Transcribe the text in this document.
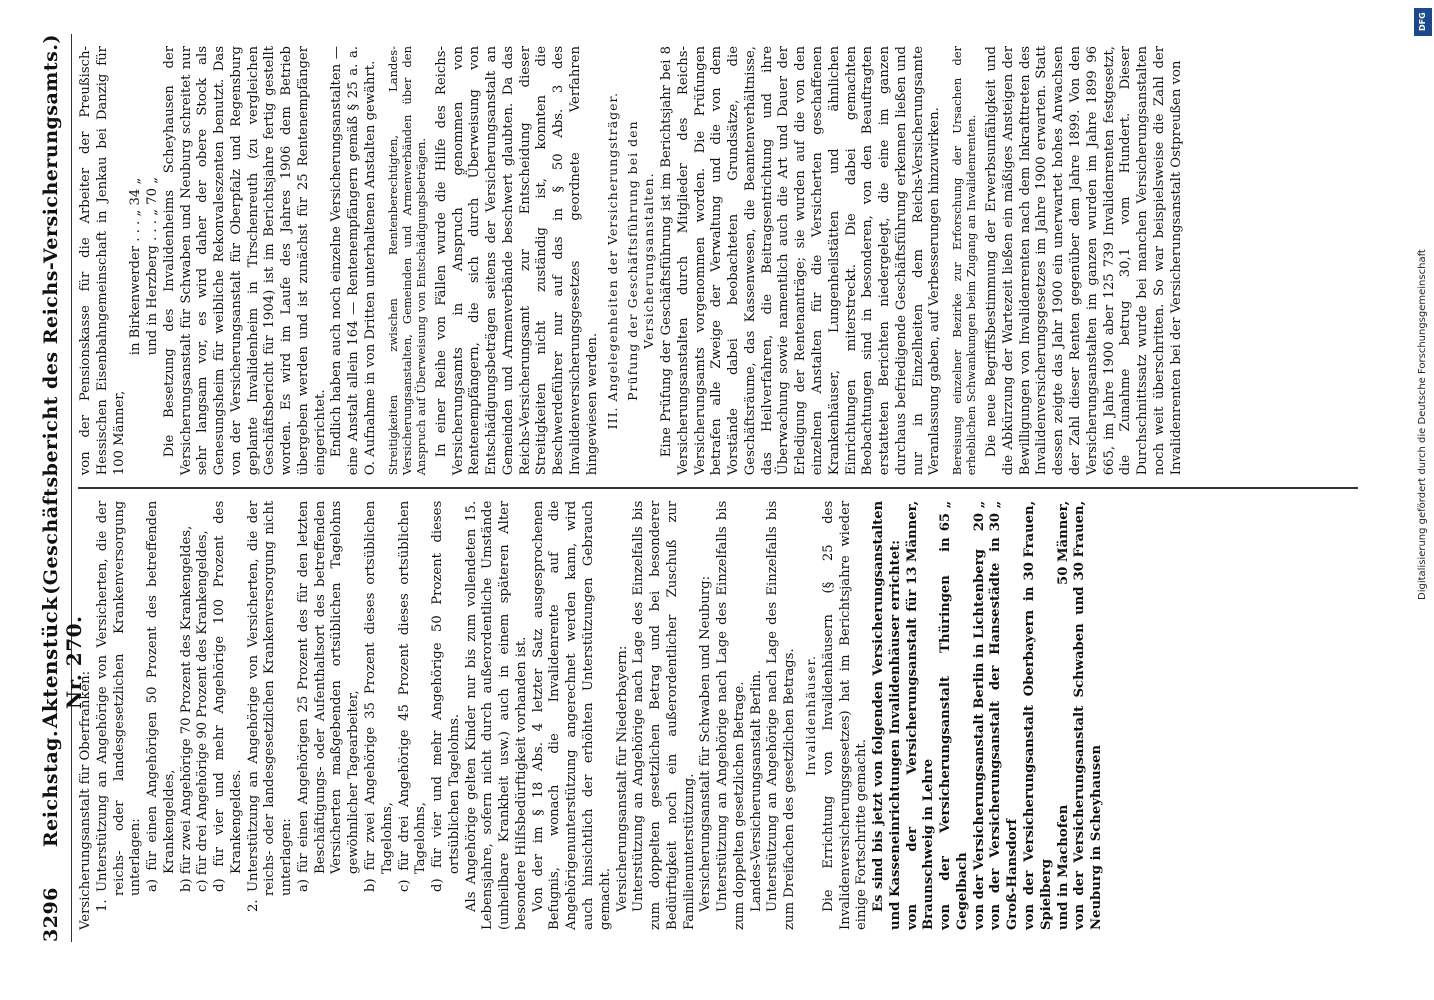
3296
Reichstag.
Aktenstück Nr. 270.
(Geschäftsbericht des Reichs-Versicherungsamts.)

Versicherungsanstalt für Oberfranken: 1. Unterstützung an Angehörige von Versicherten, die der reichs- oder landesgesetzlichen Krankenversorgung unterlagen: a) für einen Angehörigen 50 Prozent des betreffenden Krankengeldes, b) für zwei Angehörige 70 Prozent des Krankengeldes, c) für drei Angehörige 90 Prozent des Krankengeldes, d) für vier und mehr Angehörige 100 Prozent des Krankengeldes. 2. Unterstützung an Angehörige von Versicherten, die der reichs- oder landesgesetzlichen Krankenversorgung nicht unterlagen: a) für einen Angehörigen 25 Prozent des für den letzten Beschäftigungs- oder Aufenthaltsort des betreffenden Versicherten maßgebenden ortsüblichen Tagelohns gewöhnlicher Tagearbeiter, b) für zwei Angehörige 35 Prozent dieses ortsüblichen Tagelohns, c) für drei Angehörige 45 Prozent dieses ortsüblichen Tagelohns, d) für vier und mehr Angehörige 50 Prozent dieses ortsüblichen Tagelohns. Als Angehörige gelten Kinder nur bis zum vollendeten 15. Lebensjahre, sofern nicht durch außerordentliche Umstände (unheilbare Krankheit usw.) auch in einem späteren Alter besondere Hilfsbedürftigkeit vorhanden ist. Von der im § 18 Abs. 4 letzter Satz ausgesprochenen Befugnis, wonach die Invalidenrente auf die Angehörigenunterstützung angerechnet werden kann, wird auch hinsichtlich der erhöhten Unterstützungen Gebrauch gemacht. Versicherungsanstalt für Niederbayern: Unterstützung an Angehörige nach Lage des Einzelfalls bis zum doppelten gesetzlichen Betrag und bei besonderer Bedürftigkeit noch ein außerordentlicher Zuschuß zur Familienunterstützung. Versicherungsanstalt für Schwaben und Neuburg: Unterstützung an Angehörige nach Lage des Einzelfalls bis zum doppelten gesetzlichen Betrage. Landes-Versicherungsanstalt Berlin. Unterstützung an Angehörige nach Lage des Einzelfalls bis zum Dreifachen des gesetzlichen Betrags. Invalidenhäuser. Die Errichtung von Invalidenhäusern (§ 25 des Invalidenversicherungsgesetzes) hat im Berichtsjahre wieder einige Fortschritte gemacht. Es sind bis jetzt von folgenden Versicherungsanstalten und Kasseneinrichtungen Invalidenhäuser errichtet: von der Versicherungsanstalt Braunschweig in Lehre
für 13 Männer,	von der Versicherungsanstalt Thüringen in Gegelbach
65 „
von der Versicherungsanstalt Berlin in Lichtenberg
20 „
von der Versicherungsanstalt der Hansestädte in Groß-Hansdorf
30 „
von der Versicherungsanstalt Oberbayern in Spielberg
30 Frauen,
und in Machofen
50 Männer,
von der Versicherungsanstalt Schwaben und Neuburg in Scheyhausen
30 Frauen,

von der Pensionskasse für die Arbeiter der Preußisch-Hessischen Eisenbahngemeinschaft in Jenkau bei Danzig für 100 Männer,

in Birkenwerder . . . „ 34 „ und in Herzberg . . . „ 70 „ Die Besetzung des Invalidenheims Scheyhausen der Versicherungsanstalt für Schwaben und Neuburg schreitet nur sehr langsam vor, es wird daher der obere Stock als Genesungsheim für weibliche Rekonvaleszenten benutzt. Das von der Versicherungsanstalt für Oberpfalz und Regensburg geplante Invalidenheim in Tirschenreuth (zu vergleichen Geschäftsbericht für 1904) ist im Berichtsjahre fertig gestellt worden. Es wird im Laufe des Jahres 1906 dem Betrieb übergeben werden und ist zunächst für 25 Rentenempfänger eingerichtet. Endlich haben auch noch einzelne Versicherungsanstalten — eine Anstalt allein 164 — Rentenempfängern gemäß § 25 a. a. O. Aufnahme in von Dritten unterhaltenen Anstalten gewährt. Streitigkeiten zwischen Rentenberechtigten, Landes-Versicherungsanstalten, Gemeinden und Armenverbänden über den Anspruch auf Überweisung von Entschädigungsbeträgen. In einer Reihe von Fällen wurde die Hilfe des Reichs-Versicherungsamts in Anspruch genommen von Rentenempfängern, die sich durch Überweisung von Entschädigungsbeträgen seitens der Versicherungsanstalt an Gemeinden und Armenverbände beschwert glaubten. Da das Reichs-Versicherungsamt zur Entscheidung dieser Streitigkeiten nicht zuständig ist, konnten die Beschwerdeführer nur auf das in § 50 Abs. 3 des Invalidenversicherungsgesetzes geordnete Verfahren hingewiesen werden. III. Angelegenheiten der Versicherungsträger. Prüfung der Geschäftsführung bei den Versicherungsanstalten. Eine Prüfung der Geschäftsführung ist im Berichtsjahr bei 8 Versicherungsanstalten durch Mitglieder des Reichs-Versicherungsamts vorgenommen worden. Die Prüfungen betrafen alle Zweige der Verwaltung und die von dem Vorstände dabei beobachteten Grundsätze, die Geschäftsräume, das Kassenwesen, die Beamtenverhältnisse, das Heilverfahren, die Beitragsentrichtung und ihre Überwachung sowie namentlich auch die Art und Dauer der Erledigung der Rentenanträge; sie wurden auf die von den einzelnen Anstalten für die Versicherten geschaffenen Krankenhäuser, Lungenheilstätten und ähnlichen Einrichtungen miterstreckt. Die dabei gemachten Beobachtungen sind in besonderen, von den Beauftragten erstatteten Berichten niedergelegt, die eine im ganzen durchaus befriedigende Geschäftsführung erkennen ließen und nur in Einzelheiten dem Reichs-Versicherungsamte Veranlassung gaben, auf Verbesserungen hinzuwirken. Bereisung einzelner Bezirke zur Erforschung der Ursachen der erheblichen Schwankungen beim Zugang an Invalidenrenten. Die neue Begriffsbestimmung der Erwerbsunfähigkeit und die Abkürzung der Wartezeit ließen ein mäßiges Ansteigen der Bewilligungen von Invalidenrenten nach dem Inkrafttreten des Invalidenversicherungsgesetzes im Jahre 1900 erwarten. Statt dessen zeigte das Jahr 1900 ein unerwartet hohes Anwachsen der Zahl dieser Renten gegenüber dem Jahre 1899. Von den Versicherungsanstalten im ganzen wurden im Jahre 1899 96 665, im Jahre 1900 aber 125 739 Invalidenrenten festgesetzt, die Zunahme betrug 30,1 vom Hundert. Dieser Durchschnittssatz wurde bei manchen Versicherungsanstalten noch weit überschritten. So war beispielsweise die Zahl der Invalidenrenten bei der Versicherungsanstalt Ostpreußen von

DFG
Digitalisierung gefördert durch die Deutsche Forschungsgemeinschaft
